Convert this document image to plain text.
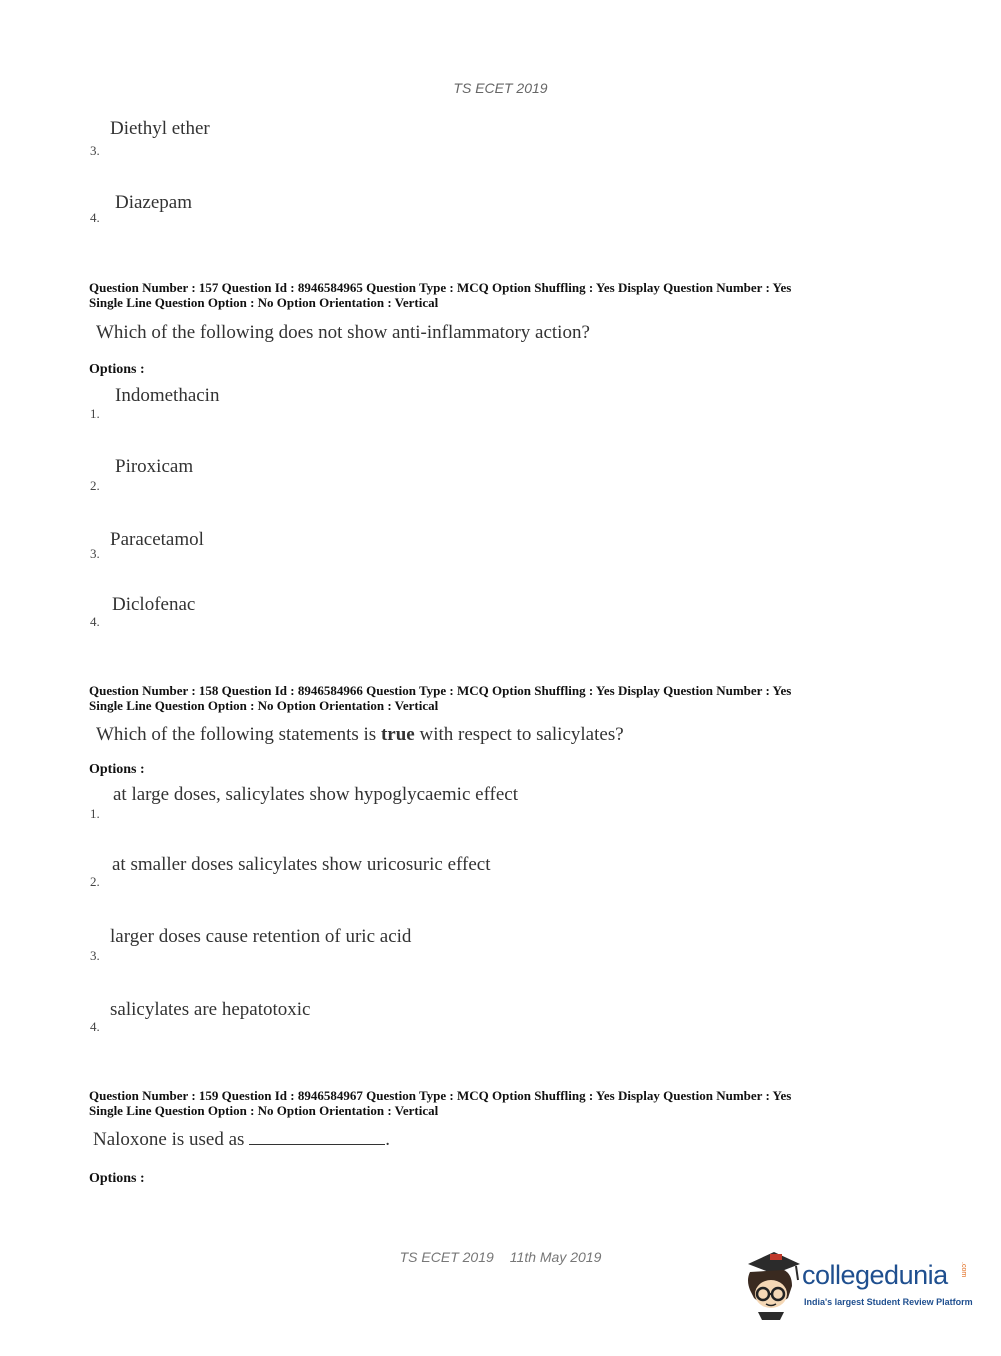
TS ECET 2019
Diethyl ether
3.
Diazepam
4.
Question Number : 157 Question Id : 8946584965 Question Type : MCQ Option Shuffling : Yes Display Question Number : Yes
Single Line Question Option : No Option Orientation : Vertical
Which of the following does not show anti-inflammatory action?
Options :
Indomethacin
1.
Piroxicam
2.
Paracetamol
3.
Diclofenac
4.
Question Number : 158 Question Id : 8946584966 Question Type : MCQ Option Shuffling : Yes Display Question Number : Yes
Single Line Question Option : No Option Orientation : Vertical
Which of the following statements is true with respect to salicylates?
Options :
at large doses, salicylates show hypoglycaemic effect
1.
at smaller doses salicylates show uricosuric effect
2.
larger doses cause retention of uric acid
3.
salicylates are hepatotoxic
4.
Question Number : 159 Question Id : 8946584967 Question Type : MCQ Option Shuffling : Yes Display Question Number : Yes
Single Line Question Option : No Option Orientation : Vertical
Naloxone is used as	.
Options :
TS ECET 2019 11th May 2019
collegedunia .com
India's largest Student Review Platform
